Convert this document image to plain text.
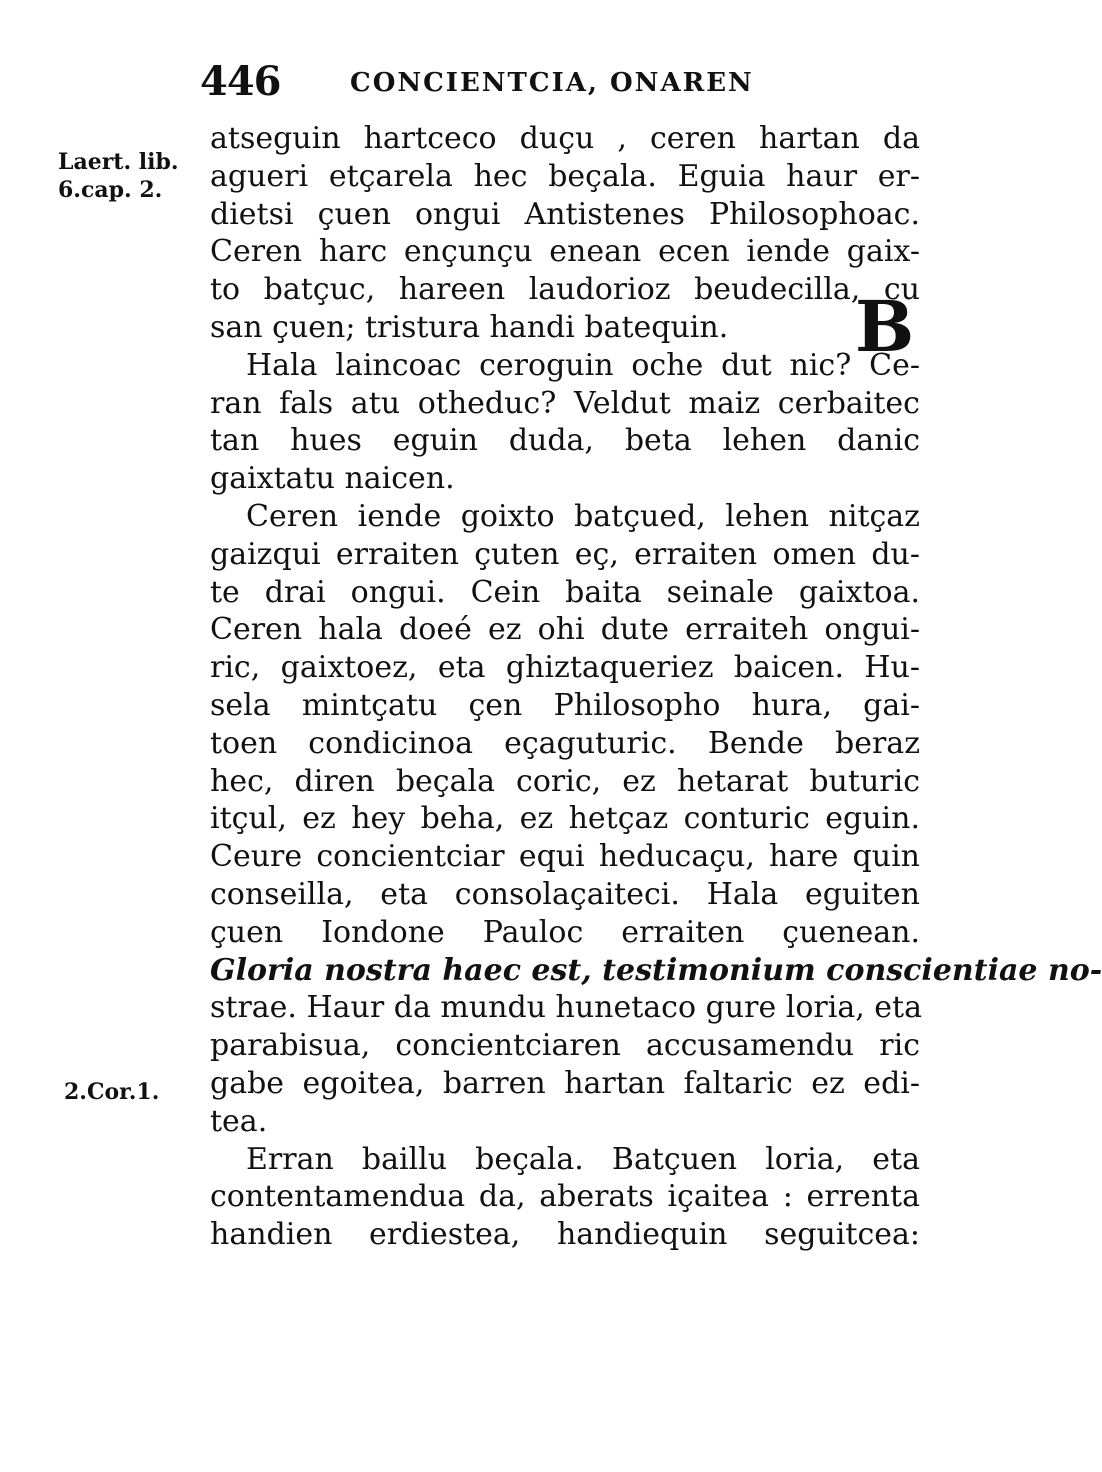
446	CONCIENTCIA, ONAREN
Laert. lib.
6.cap. 2.
B
2.Cor.1.
atseguin hartceco duçu , ceren hartan da
agueri etçarela hec beçala. Eguia haur er-
dietsi çuen ongui Antistenes Philosophoac.
Ceren harc ençunçu enean ecen iende gaix-
to batçuc, hareen laudorioz beudecilla, cu
san çuen; tristura handi batequin.
Hala laincoac ceroguin oche dut nic? Ce-
ran fals atu otheduc? Veldut maiz cerbaitec
tan hues eguin duda, beta lehen danic
gaixtatu naicen.
Ceren iende goixto batçued, lehen nitçaz
gaizqui erraiten çuten eç, erraiten omen du-
te drai ongui. Cein baita seinale gaixtoa.
Ceren hala doeé ez ohi dute erraiteh ongui-
ric, gaixtoez, eta ghiztaqueriez baicen. Hu-
sela mintçatu çen Philosopho hura, gai-
toen condicinoa eçaguturic. Bende beraz
hec, diren beçala coric, ez hetarat buturic
itçul, ez hey beha, ez hetçaz conturic eguin.
Ceure concientciar equi heducaçu, hare quin
conseilla, eta consolaçaiteci. Hala eguiten
çuen Iondone Pauloc erraiten çuenean.
Gloria nostra haec est, testimonium conscientiae no-
strae. Haur da mundu hunetaco gure loria, eta
parabisua, concientciaren accusamendu ric
gabe egoitea, barren hartan faltaric ez edi-
tea.
Erran baillu beçala. Batçuen loria, eta
contentamendua da, aberats içaitea : errenta
handien erdiestea, handiequin seguitcea:
